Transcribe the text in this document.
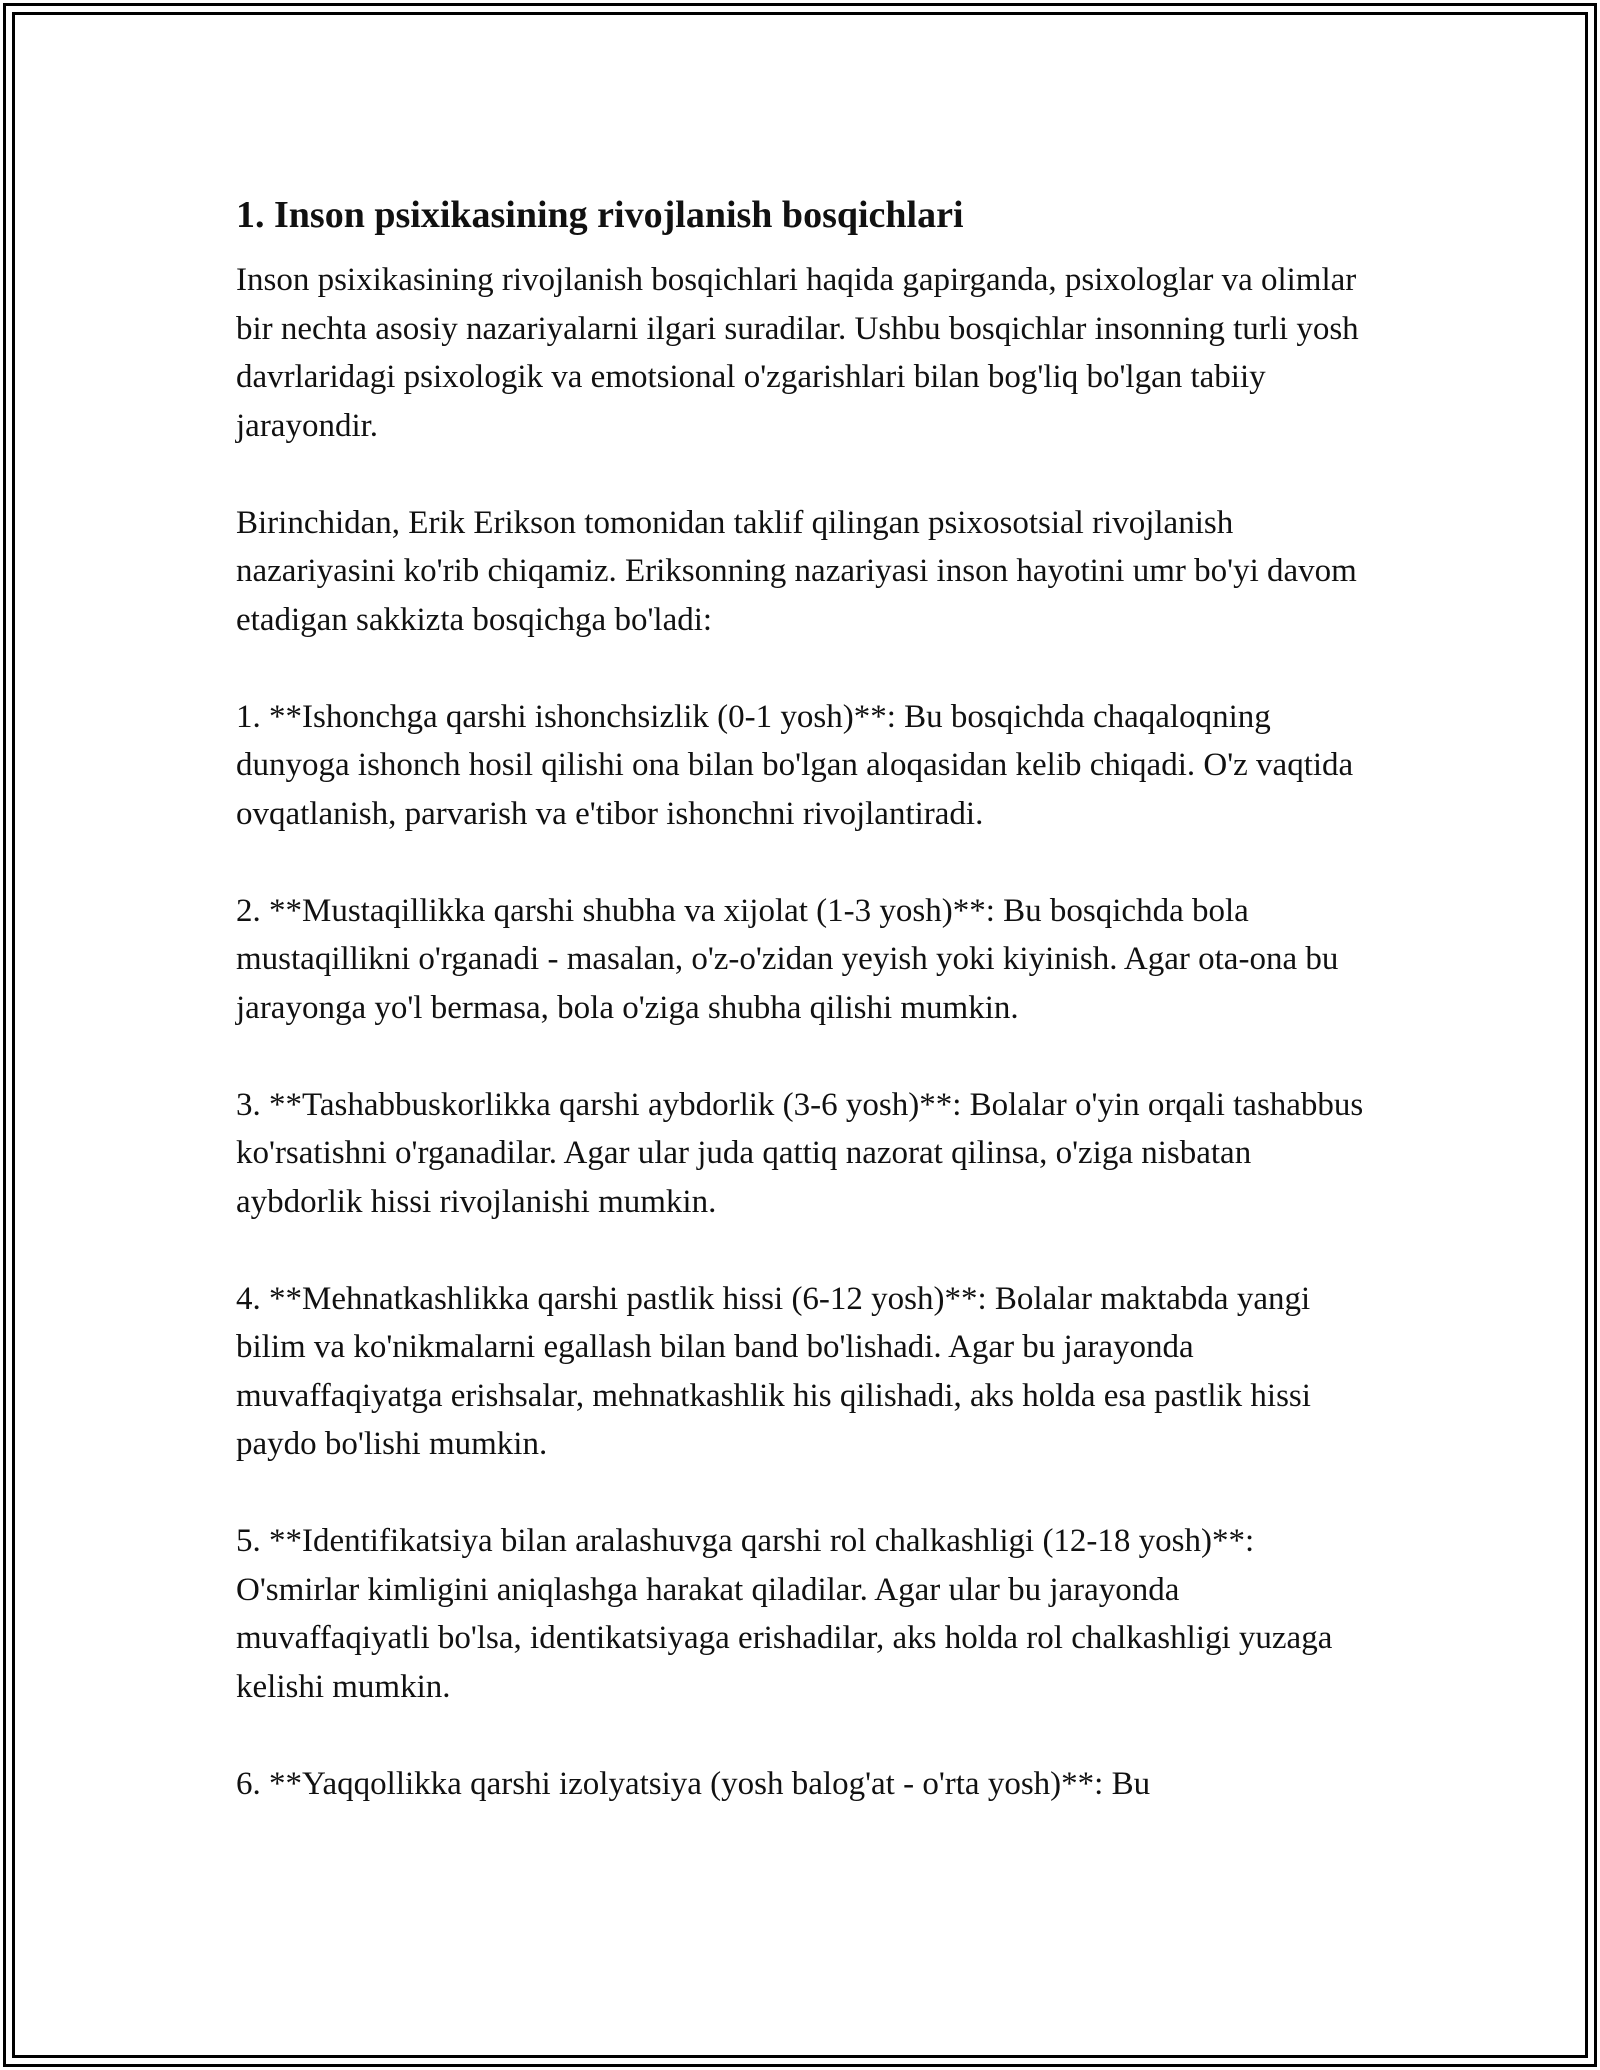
1. Inson psixikasining rivojlanish bosqichlari

Inson psixikasining rivojlanish bosqichlari haqida gapirganda, psixologlar va olimlar bir nechta asosiy nazariyalarni ilgari suradilar. Ushbu bosqichlar insonning turli yosh davrlaridagi psixologik va emotsional o'zgarishlari bilan bog'liq bo'lgan tabiiy jarayondir.

Birinchidan, Erik Erikson tomonidan taklif qilingan psixosotsial rivojlanish nazariyasini ko'rib chiqamiz. Eriksonning nazariyasi inson hayotini umr bo'yi davom etadigan sakkizta bosqichga bo'ladi:

1. **Ishonchga qarshi ishonchsizlik (0-1 yosh)**: Bu bosqichda chaqaloqning dunyoga ishonch hosil qilishi ona bilan bo'lgan aloqasidan kelib chiqadi. O'z vaqtida ovqatlanish, parvarish va e'tibor ishonchni rivojlantiradi.

2. **Mustaqillikka qarshi shubha va xijolat (1-3 yosh)**: Bu bosqichda bola mustaqillikni o'rganadi - masalan, o'z-o'zidan yeyish yoki kiyinish. Agar ota-ona bu jarayonga yo'l bermasa, bola o'ziga shubha qilishi mumkin.

3. **Tashabbuskorlikka qarshi aybdorlik (3-6 yosh)**: Bolalar o'yin orqali tashabbus ko'rsatishni o'rganadilar. Agar ular juda qattiq nazorat qilinsa, o'ziga nisbatan aybdorlik hissi rivojlanishi mumkin.

4. **Mehnatkashlikka qarshi pastlik hissi (6-12 yosh)**: Bolalar maktabda yangi bilim va ko'nikmalarni egallash bilan band bo'lishadi. Agar bu jarayonda muvaffaqiyatga erishsalar, mehnatkashlik his qilishadi, aks holda esa pastlik hissi paydo bo'lishi mumkin.

5. **Identifikatsiya bilan aralashuvga qarshi rol chalkashligi (12-18 yosh)**: O'smirlar kimligini aniqlashga harakat qiladilar. Agar ular bu jarayonda muvaffaqiyatli bo'lsa, identikatsiyaga erishadilar, aks holda rol chalkashligi yuzaga kelishi mumkin.

6. **Yaqqollikka qarshi izolyatsiya (yosh balog'at - o'rta yosh)**: Bu
